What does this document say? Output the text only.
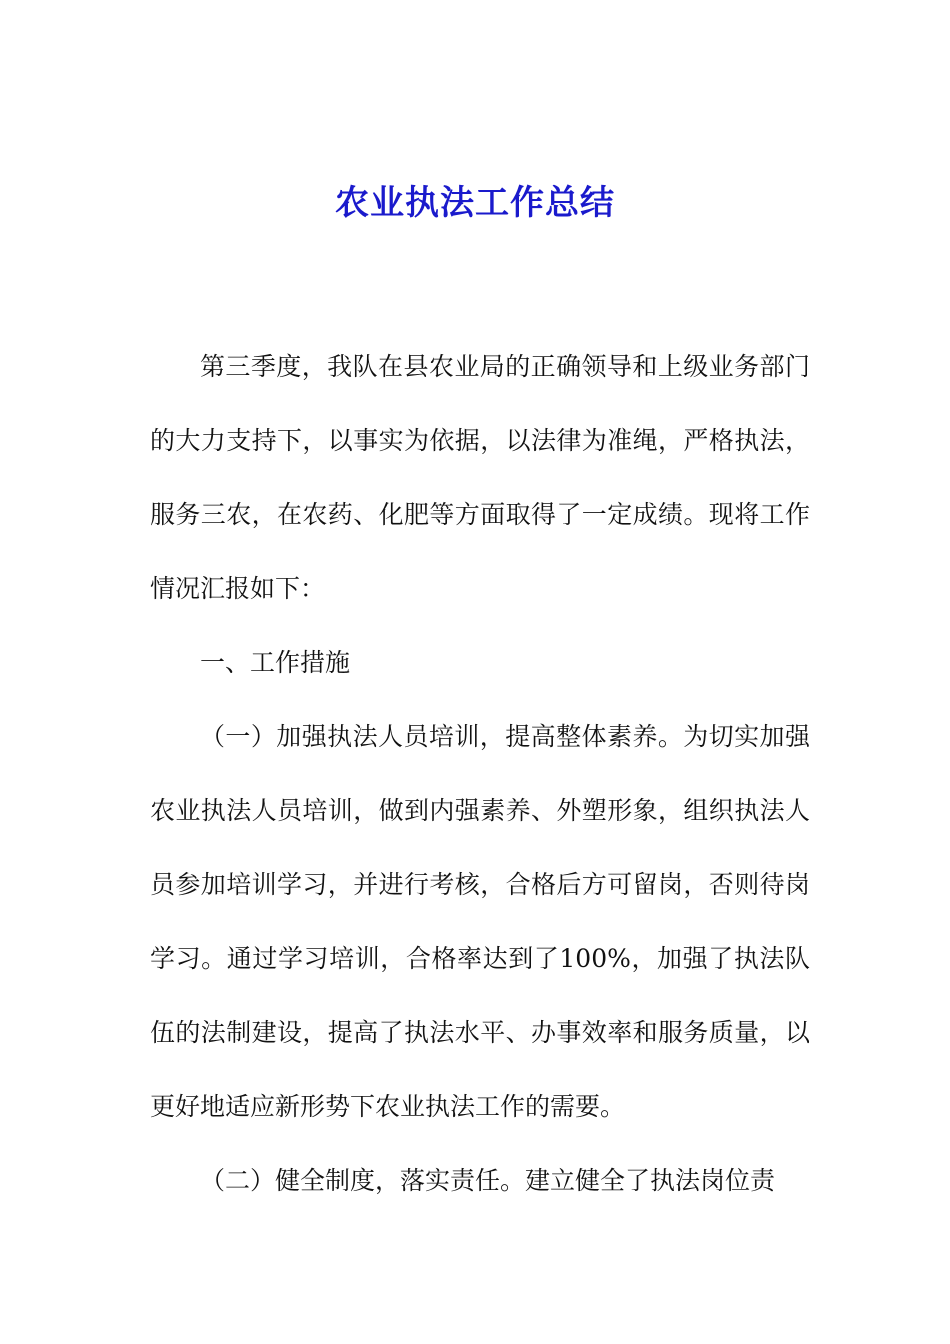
农业执法工作总结

第三季度，我队在县农业局的正确领导和上级业务部门的大力支持下，以事实为依据，以法律为准绳，严格执法，服务三农，在农药、化肥等方面取得了一定成绩。现将工作情况汇报如下：

一、工作措施

（一）加强执法人员培训，提高整体素养。为切实加强农业执法人员培训，做到内强素养、外塑形象，组织执法人员参加培训学习，并进行考核，合格后方可留岗，否则待岗学习。通过学习培训，合格率达到了100%，加强了执法队伍的法制建设，提高了执法水平、办事效率和服务质量，以更好地适应新形势下农业执法工作的需要。

（二）健全制度，落实责任。建立健全了执法岗位责
